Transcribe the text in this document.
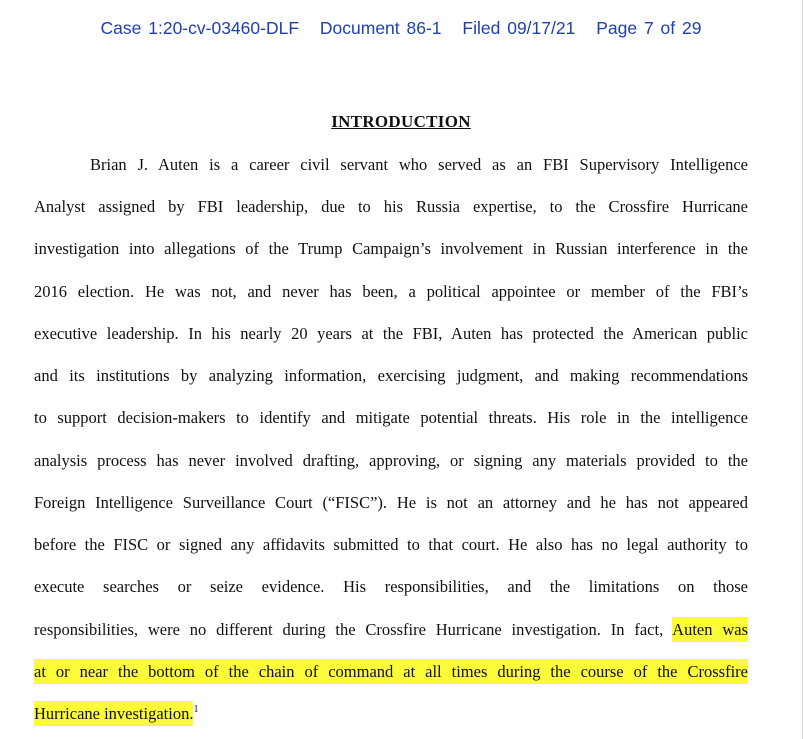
Case 1:20-cv-03460-DLF Document 86-1 Filed 09/17/21 Page 7 of 29
INTRODUCTION
Brian J. Auten is a career civil servant who served as an FBI Supervisory Intelligence
Analyst assigned by FBI leadership, due to his Russia expertise, to the Crossfire Hurricane
investigation into allegations of the Trump Campaign’s involvement in Russian interference in the
2016 election. He was not, and never has been, a political appointee or member of the FBI’s
executive leadership. In his nearly 20 years at the FBI, Auten has protected the American public
and its institutions by analyzing information, exercising judgment, and making recommendations
to support decision-makers to identify and mitigate potential threats. His role in the intelligence
analysis process has never involved drafting, approving, or signing any materials provided to the
Foreign Intelligence Surveillance Court (“FISC”). He is not an attorney and he has not appeared
before the FISC or signed any affidavits submitted to that court. He also has no legal authority to
execute searches or seize evidence. His responsibilities, and the limitations on those
responsibilities, were no different during the Crossfire Hurricane investigation. In fact, Auten was
at or near the bottom of the chain of command at all times during the course of the Crossfire
Hurricane investigation.$^1$
